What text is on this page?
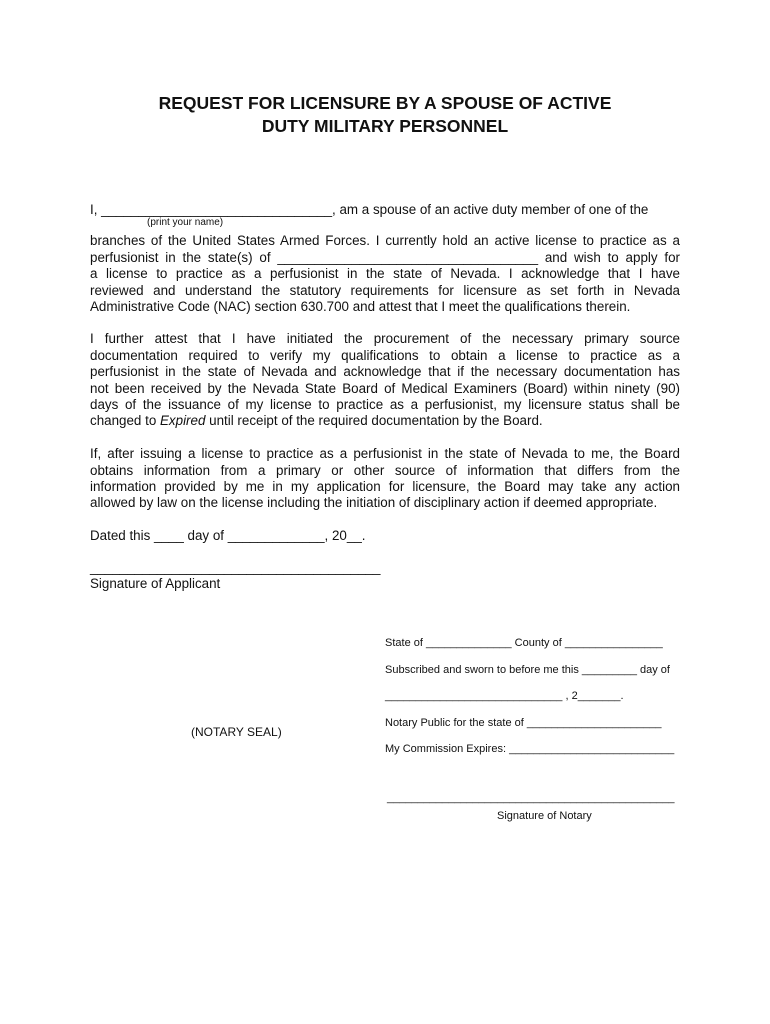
REQUEST FOR LICENSURE BY A SPOUSE OF ACTIVE
DUTY MILITARY PERSONNEL

I, _______________________________, am a spouse of an active duty member of one of the

(print your name)

branches of the United States Armed Forces. I currently hold an active license to practice as a

perfusionist in the state(s) of ___________________________________ and wish to apply for

a license to practice as a perfusionist in the state of Nevada. I acknowledge that I have

reviewed and understand the statutory requirements for licensure as set forth in Nevada

Administrative Code (NAC) section 630.700 and attest that I meet the qualifications therein.

I further attest that I have initiated the procurement of the necessary primary source

documentation required to verify my qualifications to obtain a license to practice as a

perfusionist in the state of Nevada and acknowledge that if the necessary documentation has

not been received by the Nevada State Board of Medical Examiners (Board) within ninety (90)

days of the issuance of my license to practice as a perfusionist, my licensure status shall be

changed to Expired until receipt of the required documentation by the Board.

If, after issuing a license to practice as a perfusionist in the state of Nevada to me, the Board

obtains information from a primary or other source of information that differs from the

information provided by me in my application for licensure, the Board may take any action

allowed by law on the license including the initiation of disciplinary action if deemed appropriate.

Dated this ____ day of _____________, 20__.

_______________________________________

Signature of Applicant

State of ______________ County of ________________

Subscribed and sworn to before me this _________ day of

_____________________________ , 2_______.

(NOTARY SEAL)

Notary Public for the state of ______________________

My Commission Expires: ___________________________

_______________________________________________

Signature of Notary
